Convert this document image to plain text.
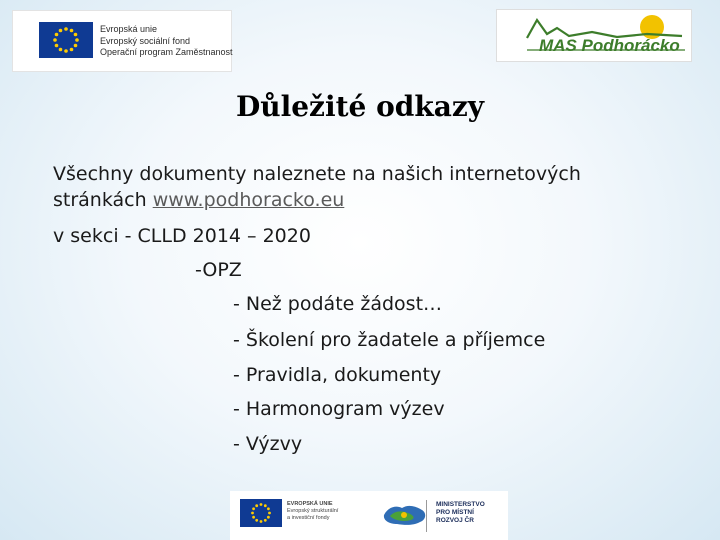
Evropská unie
Evropský sociální fond
Operační program Zaměstnanost	MAS Podhorácko
Důležité odkazy
Všechny dokumenty naleznete na našich internetových
stránkách www.podhoracko.eu
v sekci - CLLD 2014 – 2020
-OPZ
- Než podáte žádost…
- Školení pro žadatele a příjemce
- Pravidla, dokumenty
- Harmonogram výzev
- Výzvy
EVROPSKÁ UNIE
Evropský strukturální
a investiční fondy
MINISTERSTVO
PRO MÍSTNÍ
ROZVOJ ČR
